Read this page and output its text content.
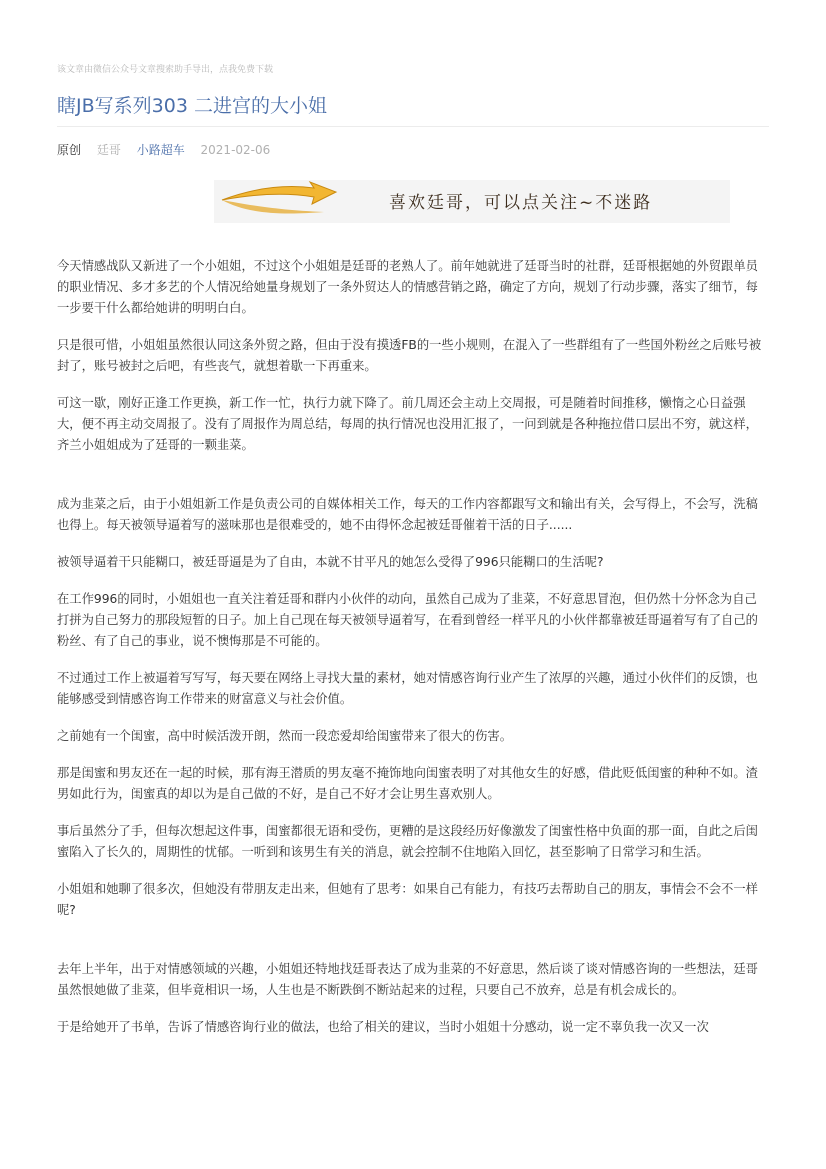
该文章由微信公众号文章搜索助手导出，点我免费下载
瞎JB写系列303 二进宫的大小姐
原创 廷哥 小路超车 2021-02-06
喜欢廷哥，可以点关注~不迷路

今天情感战队又新进了一个小姐姐，不过这个小姐姐是廷哥的老熟人了。前年她就进了廷哥当时的社群，廷哥根据她的外贸跟单员的职业情况、多才多艺的个人情况给她量身规划了一条外贸达人的情感营销之路，确定了方向，规划了行动步骤，落实了细节，每一步要干什么都给她讲的明明白白。

只是很可惜，小姐姐虽然很认同这条外贸之路，但由于没有摸透FB的一些小规则，在混入了一些群组有了一些国外粉丝之后账号被封了，账号被封之后吧，有些丧气，就想着歇一下再重来。

可这一歇，刚好正逢工作更换，新工作一忙，执行力就下降了。前几周还会主动上交周报，可是随着时间推移，懒惰之心日益强大，便不再主动交周报了。没有了周报作为周总结，每周的执行情况也没用汇报了，一问到就是各种拖拉借口层出不穷，就这样，齐兰小姐姐成为了廷哥的一颗韭菜。

成为韭菜之后，由于小姐姐新工作是负责公司的自媒体相关工作，每天的工作内容都跟写文和输出有关，会写得上，不会写，洗稿也得上。每天被领导逼着写的滋味那也是很难受的，她不由得怀念起被廷哥催着干活的日子......

被领导逼着干只能糊口，被廷哥逼是为了自由，本就不甘平凡的她怎么受得了996只能糊口的生活呢?

在工作996的同时，小姐姐也一直关注着廷哥和群内小伙伴的动向，虽然自己成为了韭菜，不好意思冒泡，但仍然十分怀念为自己打拼为自己努力的那段短暂的日子。加上自己现在每天被领导逼着写，在看到曾经一样平凡的小伙伴都靠被廷哥逼着写有了自己的粉丝、有了自己的事业，说不懊悔那是不可能的。

不过通过工作上被逼着写写写，每天要在网络上寻找大量的素材，她对情感咨询行业产生了浓厚的兴趣，通过小伙伴们的反馈，也能够感受到情感咨询工作带来的财富意义与社会价值。

之前她有一个闺蜜，高中时候活泼开朗，然而一段恋爱却给闺蜜带来了很大的伤害。

那是闺蜜和男友还在一起的时候，那有海王潜质的男友毫不掩饰地向闺蜜表明了对其他女生的好感，借此贬低闺蜜的种种不如。渣男如此行为，闺蜜真的却以为是自己做的不好，是自己不好才会让男生喜欢别人。

事后虽然分了手，但每次想起这件事，闺蜜都很无语和受伤，更糟的是这段经历好像激发了闺蜜性格中负面的那一面，自此之后闺蜜陷入了长久的，周期性的忧郁。一听到和该男生有关的消息，就会控制不住地陷入回忆，甚至影响了日常学习和生活。

小姐姐和她聊了很多次，但她没有带朋友走出来，但她有了思考：如果自己有能力，有技巧去帮助自己的朋友，事情会不会不一样呢?

去年上半年，出于对情感领域的兴趣，小姐姐还特地找廷哥表达了成为韭菜的不好意思，然后谈了谈对情感咨询的一些想法，廷哥虽然恨她做了韭菜，但毕竟相识一场，人生也是不断跌倒不断站起来的过程，只要自己不放弃，总是有机会成长的。

于是给她开了书单，告诉了情感咨询行业的做法，也给了相关的建议，当时小姐姐十分感动，说一定不辜负我一次又一次
